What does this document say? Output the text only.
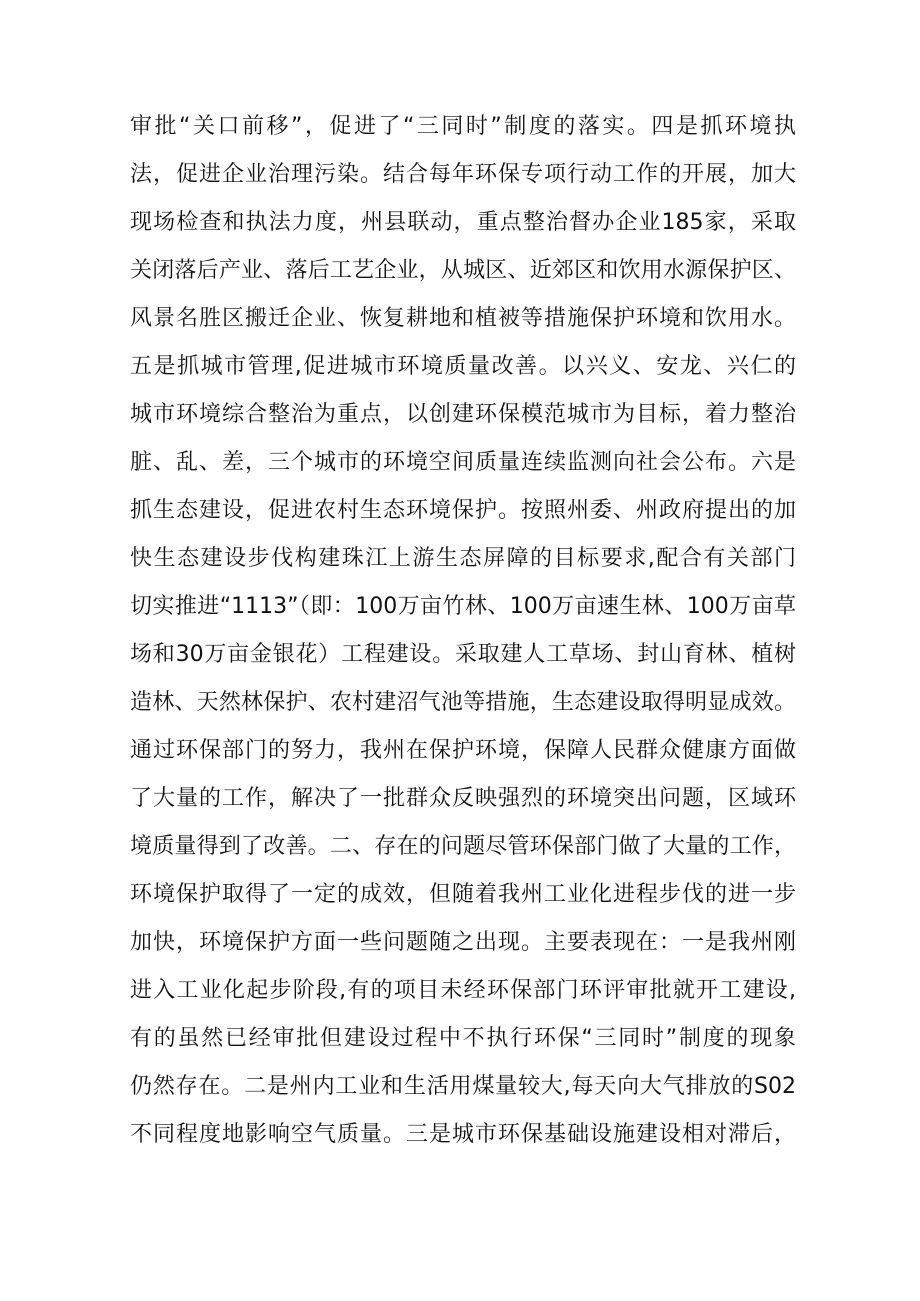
审批“关口前移”，促进了“三同时”制度的落实。四是抓环境执
法，促进企业治理污染。结合每年环保专项行动工作的开展，加大
现场检查和执法力度，州县联动，重点整治督办企业185家，采取
关闭落后产业、落后工艺企业，从城区、近郊区和饮用水源保护区、
风景名胜区搬迁企业、恢复耕地和植被等措施保护环境和饮用水。
五是抓城市管理,促进城市环境质量改善。以兴义、安龙、兴仁的
城市环境综合整治为重点，以创建环保模范城市为目标，着力整治
脏、乱、差，三个城市的环境空间质量连续监测向社会公布。六是
抓生态建设，促进农村生态环境保护。按照州委、州政府提出的加
快生态建设步伐构建珠江上游生态屏障的目标要求,配合有关部门
切实推进“1113”（即：100万亩竹林、100万亩速生林、100万亩草
场和30万亩金银花）工程建设。采取建人工草场、封山育林、植树
造林、天然林保护、农村建沼气池等措施，生态建设取得明显成效。
通过环保部门的努力，我州在保护环境，保障人民群众健康方面做
了大量的工作，解决了一批群众反映强烈的环境突出问题，区域环
境质量得到了改善。二、存在的问题尽管环保部门做了大量的工作，
环境保护取得了一定的成效，但随着我州工业化进程步伐的进一步
加快，环境保护方面一些问题随之出现。主要表现在：一是我州刚
进入工业化起步阶段,有的项目未经环保部门环评审批就开工建设,
有的虽然已经审批但建设过程中不执行环保“三同时”制度的现象
仍然存在。二是州内工业和生活用煤量较大,每天向大气排放的S02
不同程度地影响空气质量。三是城市环保基础设施建设相对滞后，
